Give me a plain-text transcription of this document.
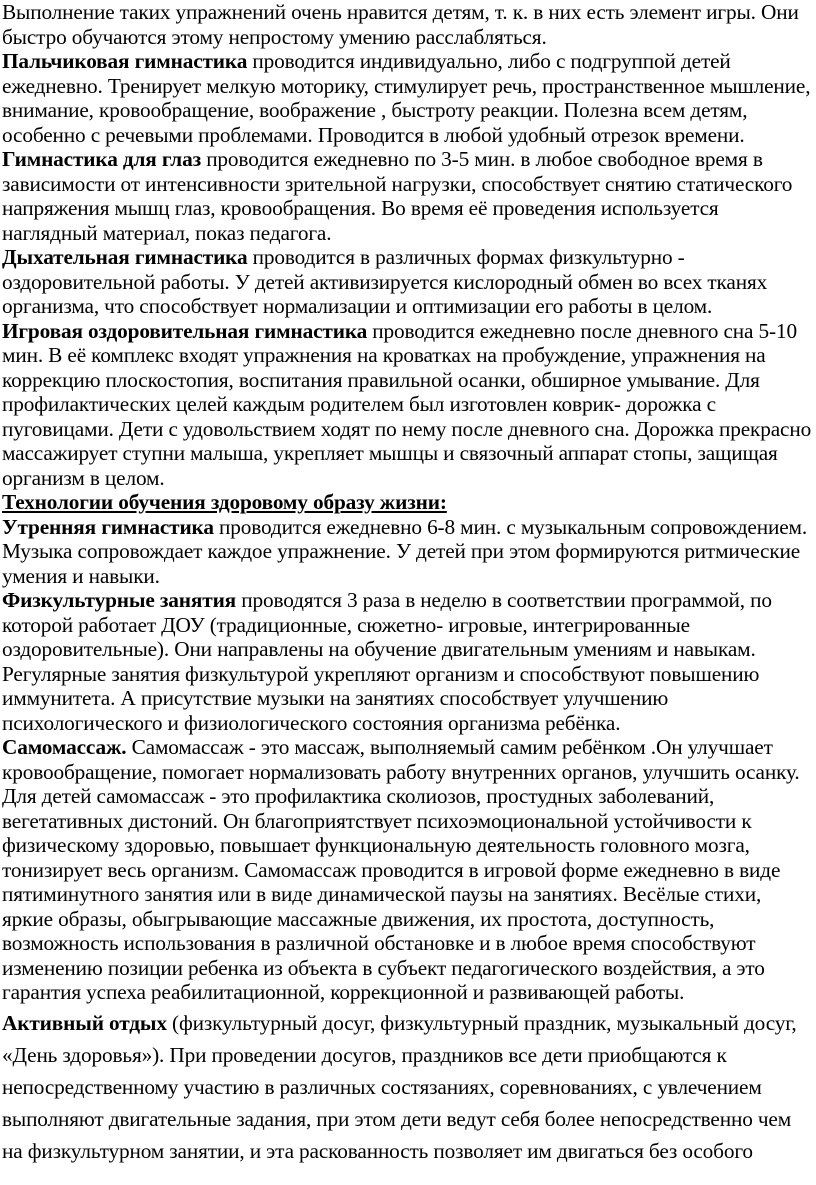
Выполнение таких упражнений очень нравится детям, т. к. в них есть элемент игры. Они быстро обучаются этому непростому умению расслабляться.

Пальчиковая гимнастика проводится индивидуально, либо с подгруппой детей ежедневно. Тренирует мелкую моторику, стимулирует речь, пространственное мышление, внимание, кровообращение, воображение , быстроту реакции. Полезна всем детям, особенно с речевыми проблемами. Проводится в любой удобный отрезок времени.

Гимнастика для глаз проводится ежедневно по 3-5 мин. в любое свободное время в зависимости от интенсивности зрительной нагрузки, способствует снятию статического напряжения мышц глаз, кровообращения. Во время её проведения используется наглядный материал, показ педагога.

Дыхательная гимнастика проводится в различных формах физкультурно - оздоровительной работы. У детей активизируется кислородный обмен во всех тканях организма, что способствует нормализации и оптимизации его работы в целом.

Игровая оздоровительная гимнастика проводится ежедневно после дневного сна 5-10 мин. В её комплекс входят упражнения на кроватках на пробуждение, упражнения на коррекцию плоскостопия, воспитания правильной осанки, обширное умывание. Для профилактических целей каждым родителем был изготовлен коврик- дорожка с пуговицами. Дети с удовольствием ходят по нему после дневного сна. Дорожка прекрасно массажирует ступни малыша, укрепляет мышцы и связочный аппарат стопы, защищая организм в целом.

Технологии обучения здоровому образу жизни:

Утренняя гимнастика проводится ежедневно 6-8 мин. с музыкальным сопровождением. Музыка сопровождает каждое упражнение. У детей при этом формируются ритмические умения и навыки.

Физкультурные занятия проводятся 3 раза в неделю в соответствии программой, по которой работает ДОУ (традиционные, сюжетно- игровые, интегрированные оздоровительные). Они направлены на обучение двигательным умениям и навыкам. Регулярные занятия физкультурой укрепляют организм и способствуют повышению иммунитета. А присутствие музыки на занятиях способствует улучшению психологического и физиологического состояния организма ребёнка.

Самомассаж. Самомассаж - это массаж, выполняемый самим ребёнком .Он улучшает кровообращение, помогает нормализовать работу внутренних органов, улучшить осанку. Для детей самомассаж - это профилактика сколиозов, простудных заболеваний, вегетативных дистоний. Он благоприятствует психоэмоциональной устойчивости к физическому здоровью, повышает функциональную деятельность головного мозга, тонизирует весь организм. Самомассаж проводится в игровой форме ежедневно в виде пятиминутного занятия или в виде динамической паузы на занятиях. Весёлые стихи, яркие образы, обыгрывающие массажные движения, их простота, доступность, возможность использования в различной обстановке и в любое время способствуют изменению позиции ребенка из объекта в субъект педагогического воздействия, а это гарантия успеха реабилитационной, коррекционной и развивающей работы.

Активный отдых (физкультурный досуг, физкультурный праздник, музыкальный досуг, «День здоровья»). При проведении досугов, праздников все дети приобщаются к непосредственному участию в различных состязаниях, соревнованиях, с увлечением выполняют двигательные задания, при этом дети ведут себя более непосредственно чем на физкультурном занятии, и эта раскованность позволяет им двигаться без особого
